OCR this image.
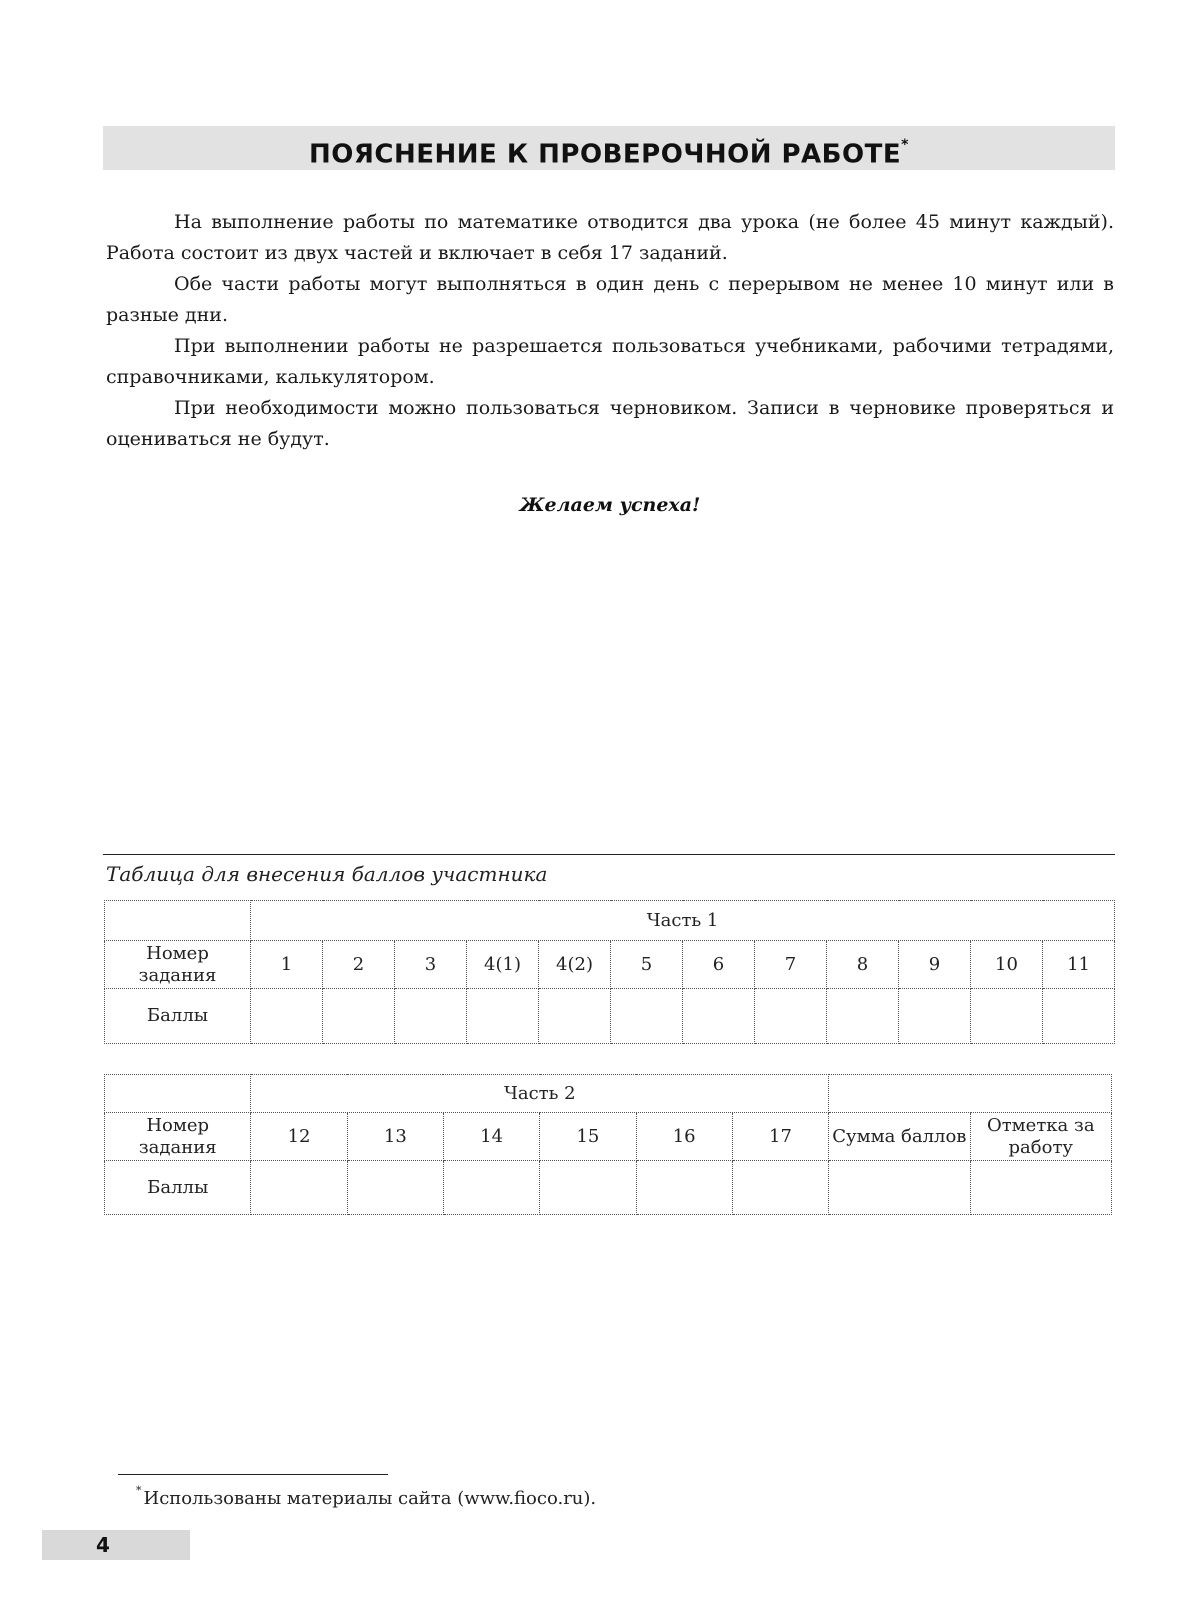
ПОЯСНЕНИЕ К ПРОВЕРОЧНОЙ РАБОТЕ*

На выполнение работы по математике отводится два урока (не более 45 минут каждый). Работа состоит из двух частей и включает в себя 17 заданий.

Обе части работы могут выполняться в один день с перерывом не менее 10 минут или в разные дни.

При выполнении работы не разрешается пользоваться учебниками, рабочими тетрадями, справочниками, калькулятором.

При необходимости можно пользоваться черновиком. Записи в черновике проверяться и оцениваться не будут.

Желаем успеха!
Таблица для внесения баллов участника
	Часть 1											
Номер задания	1	2	3	4(1)	4(2)	5	6	7	8	9	10	11
Баллы												
	Часть 2							
Номер задания	12	13	14	15	16	17	Сумма баллов	Отметка за работу
Баллы								
* Использованы материалы сайта (www.fioco.ru).
4
